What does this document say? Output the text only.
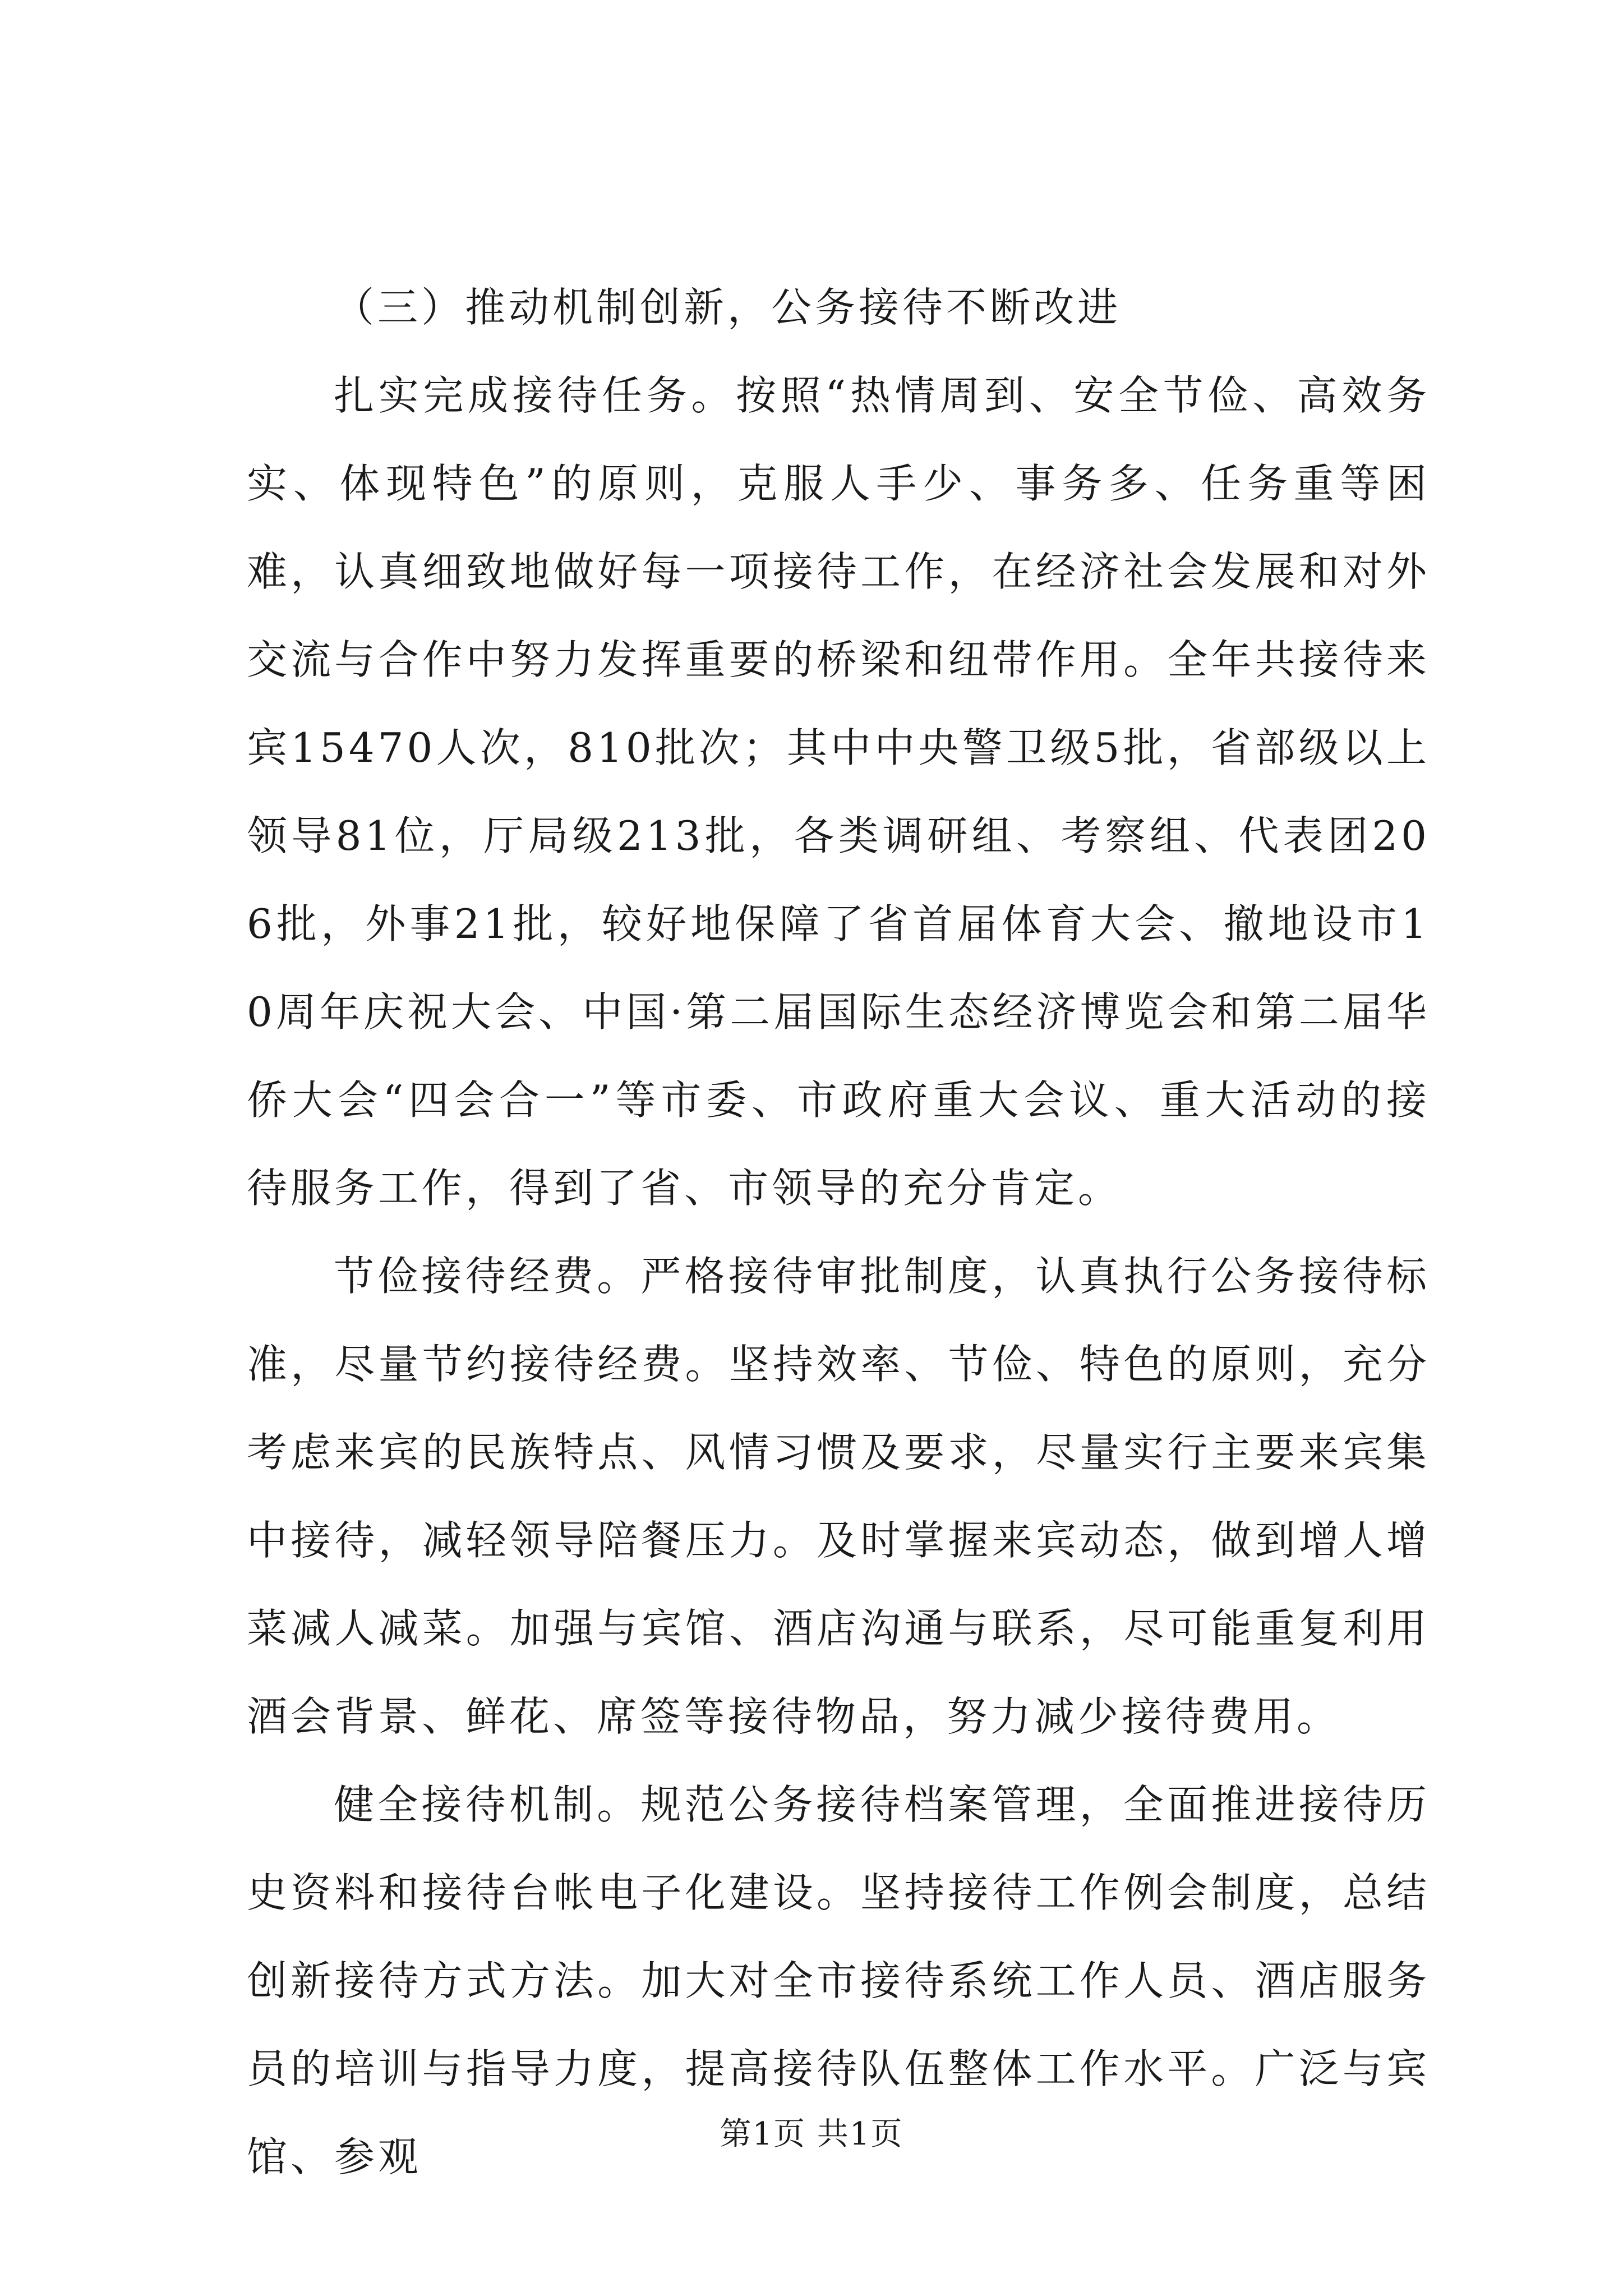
（三）推动机制创新，公务接待不断改进

扎实完成接待任务。按照“热情周到、安全节俭、高效务实、体现特色”的原则，克服人手少、事务多、任务重等困难，认真细致地做好每一项接待工作，在经济社会发展和对外交流与合作中努力发挥重要的桥梁和纽带作用。全年共接待来宾15470人次，810批次；其中中央警卫级5批，省部级以上领导81位，厅局级213批，各类调研组、考察组、代表团206批，外事21批，较好地保障了省首届体育大会、撤地设市10周年庆祝大会、中国·第二届国际生态经济博览会和第二届华侨大会“四会合一”等市委、市政府重大会议、重大活动的接待服务工作，得到了省、市领导的充分肯定。

节俭接待经费。严格接待审批制度，认真执行公务接待标准，尽量节约接待经费。坚持效率、节俭、特色的原则，充分考虑来宾的民族特点、风情习惯及要求，尽量实行主要来宾集中接待，减轻领导陪餐压力。及时掌握来宾动态，做到增人增菜减人减菜。加强与宾馆、酒店沟通与联系，尽可能重复利用酒会背景、鲜花、席签等接待物品，努力减少接待费用。

健全接待机制。规范公务接待档案管理，全面推进接待历史资料和接待台帐电子化建设。坚持接待工作例会制度，总结创新接待方式方法。加大对全市接待系统工作人员、酒店服务员的培训与指导力度，提高接待队伍整体工作水平。广泛与宾馆、参观	第1页 共1页
